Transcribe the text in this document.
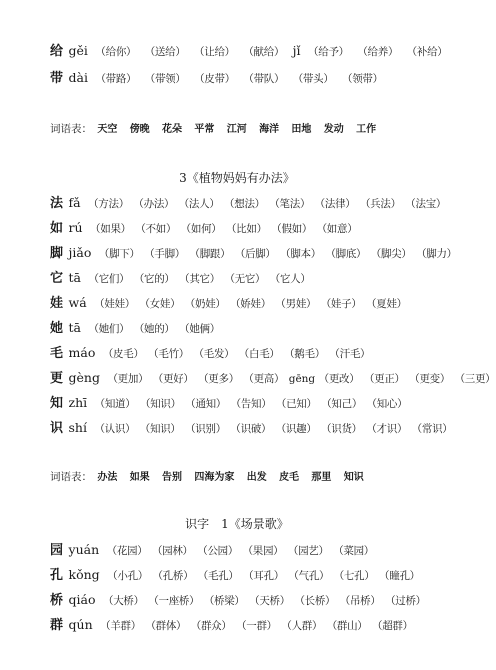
给 gěi （给你） （送给） （让给） （献给） jǐ （给予） （给养） （补给）
带 dài （带路） （带领） （皮带） （带队） （带头） （领带）
词语表： 天空 傍晚 花朵 平常 江河 海洋 田地 发动 工作
3《植物妈妈有办法》
法 fǎ （方法） （办法） （法人） （想法） （笔法） （法律） （兵法） （法宝）
如 rú （如果） （不如） （如何） （比如） （假如） （如意）
脚 jiǎo （脚下） （手脚） （脚跟） （后脚） （脚本） （脚底） （脚尖） （脚力）
它 tā （它们） （它的） （其它） （无它） （它人）
娃 wá （娃娃） （女娃） （奶娃） （娇娃） （男娃） （娃子） （夏娃）
她 tā （她们） （她的） （她俩）
毛 máo （皮毛） （毛竹） （毛发） （白毛） （鹅毛） （汗毛）
更 gèng （更加） （更好） （更多） （更高） gēng （更改） （更正） （更变） （三更）
知 zhī （知道） （知识） （通知） （告知） （已知） （知己） （知心）
识 shí （认识） （知识） （识别） （识破） （识趣） （识货） （才识） （常识）
词语表： 办法 如果 告别 四海为家 出发 皮毛 那里 知识
识字　1《场景歌》
园 yuán （花园） （园林） （公园） （果园） （园艺） （菜园）
孔 kǒng （小孔） （孔桥） （毛孔） （耳孔） （气孔） （七孔） （瞳孔）
桥 qiáo （大桥） （一座桥） （桥梁） （天桥） （长桥） （吊桥） （过桥）
群 qún （羊群） （群体） （群众） （一群） （人群） （群山） （超群）
